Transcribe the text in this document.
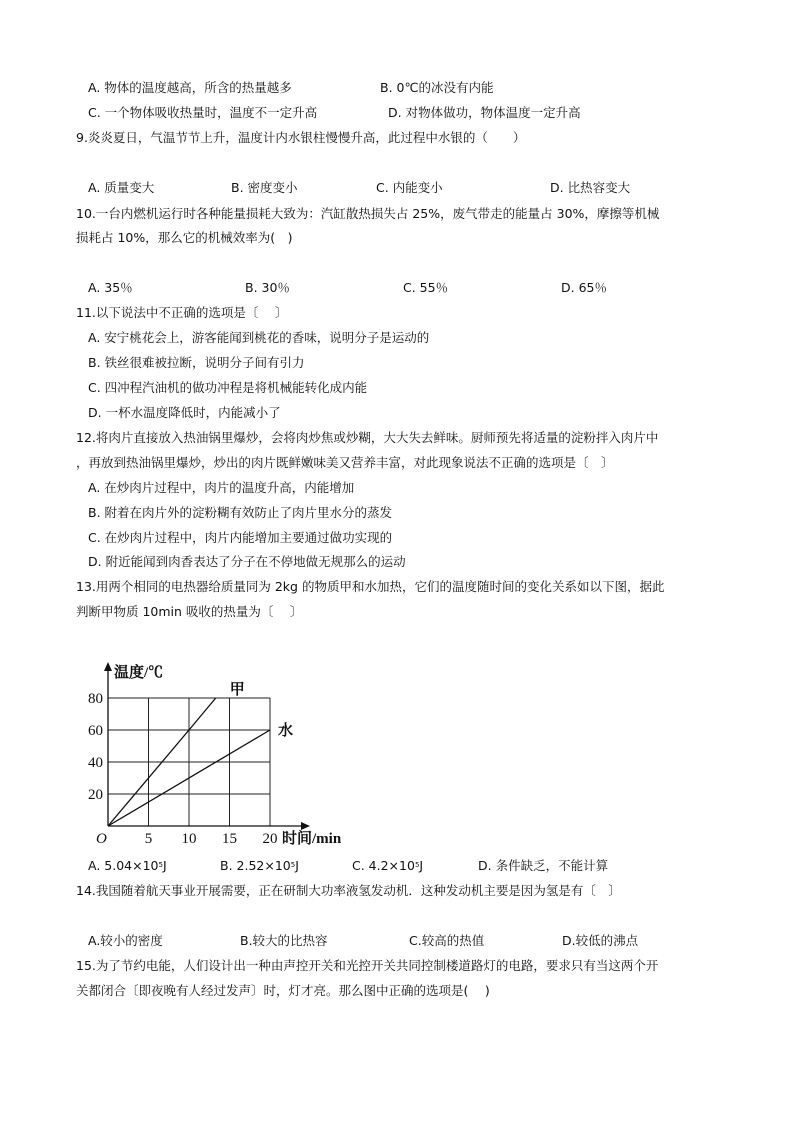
A. 物体的温度越高，所含的热量越多	B. 0℃的冰没有内能
C. 一个物体吸收热量时，温度不一定升高	D. 对物体做功，物体温度一定升高
9.炎炎夏日，气温节节上升，温度计内水银柱慢慢升高，此过程中水银的（　　）
A. 质量变大	B. 密度变小	C. 内能变小	D. 比热容变大
10.一台内燃机运行时各种能量损耗大致为：汽缸散热损失占 25%，废气带走的能量占 30%，摩擦等机械
损耗占 10%，那么它的机械效率为(　)
A. 35％	B. 30％	C. 55％	D. 65％
11.以下说法中不正确的选项是〔　 〕
A. 安宁桃花会上，游客能闻到桃花的香味，说明分子是运动的
B. 铁丝很难被拉断，说明分子间有引力
C. 四冲程汽油机的做功冲程是将机械能转化成内能
D. 一杯水温度降低时，内能减小了
12.将肉片直接放入热油锅里爆炒，会将肉炒焦或炒糊，大大失去鲜味。厨师预先将适量的淀粉拌入肉片中
，再放到热油锅里爆炒，炒出的肉片既鲜嫩味美又营养丰富，对此现象说法不正确的选项是〔　〕
A. 在炒肉片过程中，肉片的温度升高，内能增加
B. 附着在肉片外的淀粉糊有效防止了肉片里水分的蒸发
C. 在炒肉片过程中，肉片内能增加主要通过做功实现的
D. 附近能闻到肉香表达了分子在不停地做无规那么的运动
13.用两个相同的电热器给质量同为 2kg 的物质甲和水加热，它们的温度随时间的变化关系如以下图，据此
判断甲物质 10min 吸收的热量为〔　 〕
5 10 15 20
20
40
60
80
O
温度/℃
时间/min
甲
水
A. $5.04\times 10^5J$	B. $2.52\times 10^5J$	C. $4.2\times 10^5J$	D. 条件缺乏，不能计算
14.我国随着航天事业开展需要，正在研制大功率液氢发动机．这种发动机主要是因为氢是有〔　〕
A.较小的密度	B.较大的比热容	C.较高的热值	D.较低的沸点
15.为了节约电能，人们设计出一种由声控开关和光控开关共同控制楼道路灯的电路，要求只有当这两个开
关都闭合〔即夜晚有人经过发声〕时，灯才亮。那么图中正确的选项是(　 )
